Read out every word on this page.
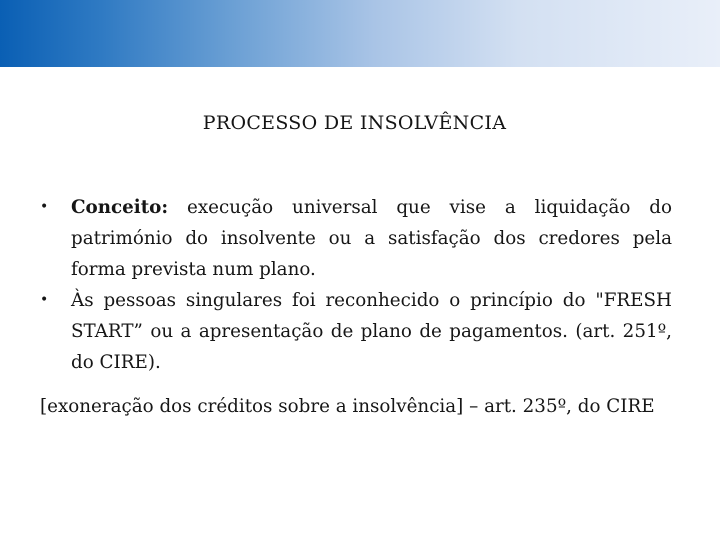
PROCESSO DE INSOLVÊNCIA
•	Conceito: execução universal que vise a liquidação do património do insolvente ou a satisfação dos credores pela forma prevista num plano.
•	Às pessoas singulares foi reconhecido o princípio do "FRESH START” ou a apresentação de plano de pagamentos. (art. 251º, do CIRE).
[exoneração dos créditos sobre a insolvência] – art. 235º, do CIRE
